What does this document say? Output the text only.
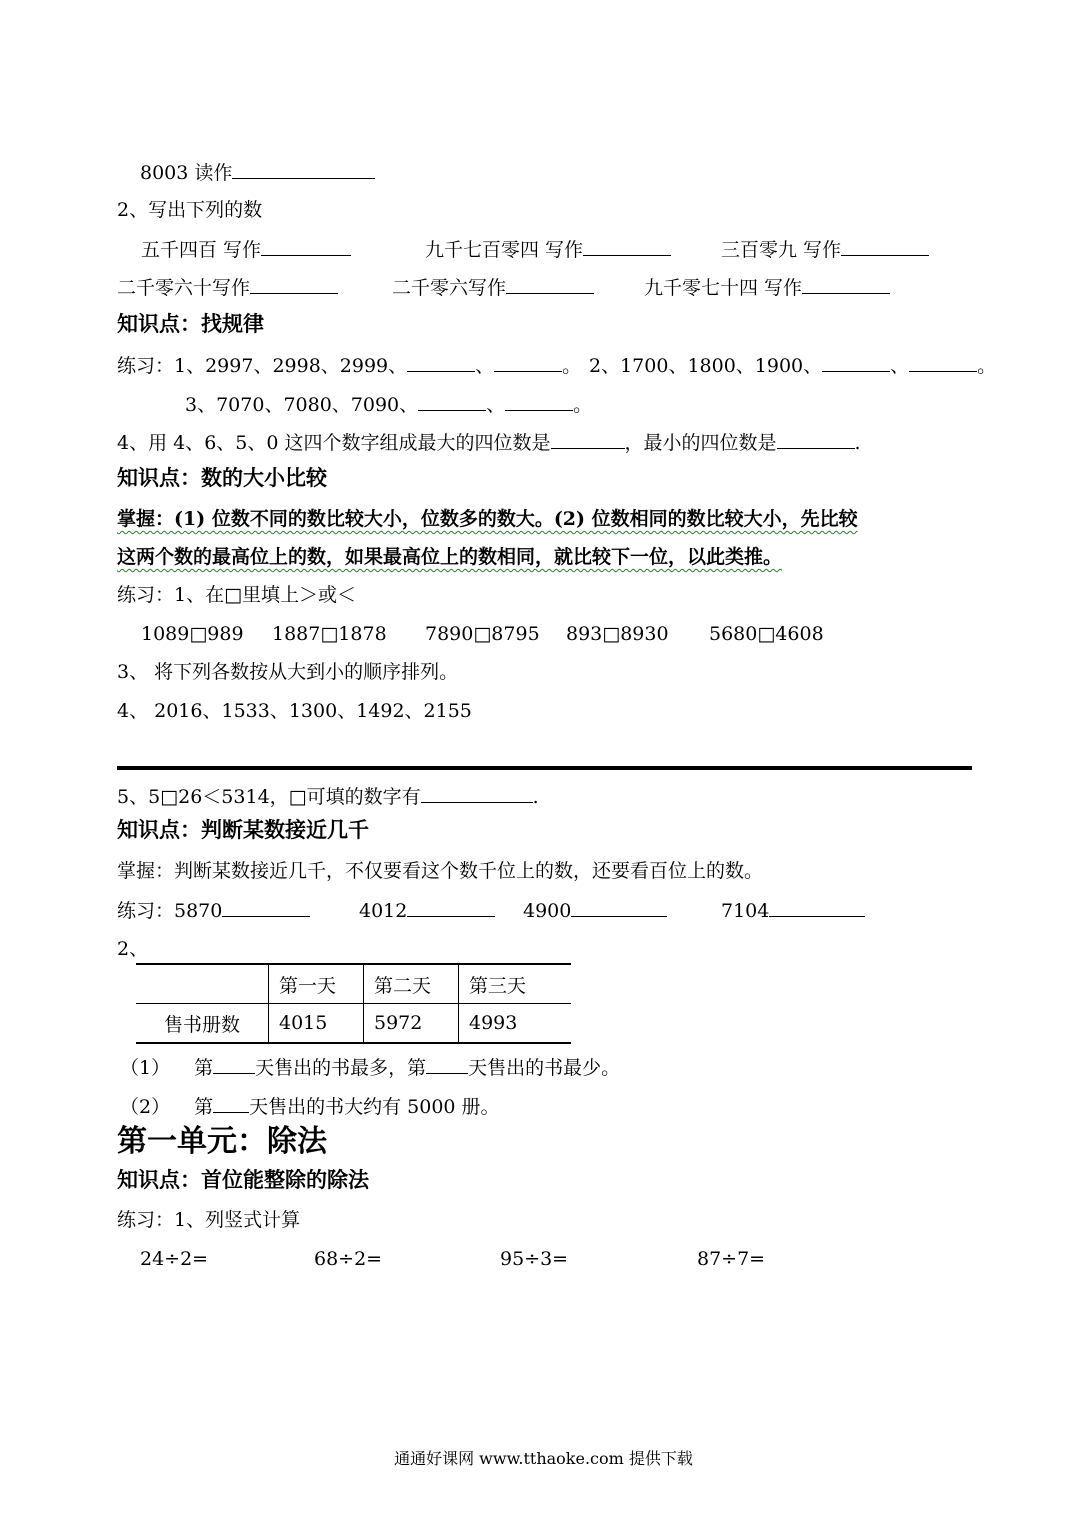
8003 读作
2、写出下列的数
五千四百 写作	九千七百零四 写作	三百零九 写作
二千零六十写作	二千零六写作	九千零七十四 写作
知识点：找规律
练习：1、2997、2998、2999、	、	。 2、1700、1800、1900、	、	。
3、7070、7080、7090、	、	。
4、用 4、6、5、0 这四个数字组成最大的四位数是	，最小的四位数是	.
知识点：数的大小比较
掌握：(1) 位数不同的数比较大小，位数多的数大。(2) 位数相同的数比较大小，先比较
这两个数的最高位上的数，如果最高位上的数相同，就比较下一位，以此类推。
练习：1、在□里填上＞或＜
1089□989 1887□1878 7890□8795 893□8930 5680□4608
3、 将下列各数按从大到小的顺序排列。
4、 2016、1533、1300、1492、2155
5、5□26＜5314，□可填的数字有	.
知识点：判断某数接近几千
掌握：判断某数接近几千，不仅要看这个数千位上的数，还要看百位上的数。
练习：5870	4012	4900	7104
2、
	第一天	第二天	第三天
售书册数	4015	5972	4993
（1） 第 天售出的书最多，第 天售出的书最少。
（2） 第 天售出的书大约有 5000 册。
第一单元：除法
知识点：首位能整除的除法
练习：1、列竖式计算
24÷2=	68÷2=	95÷3=	87÷7=
通通好课网 www.tthaoke.com 提供下载
